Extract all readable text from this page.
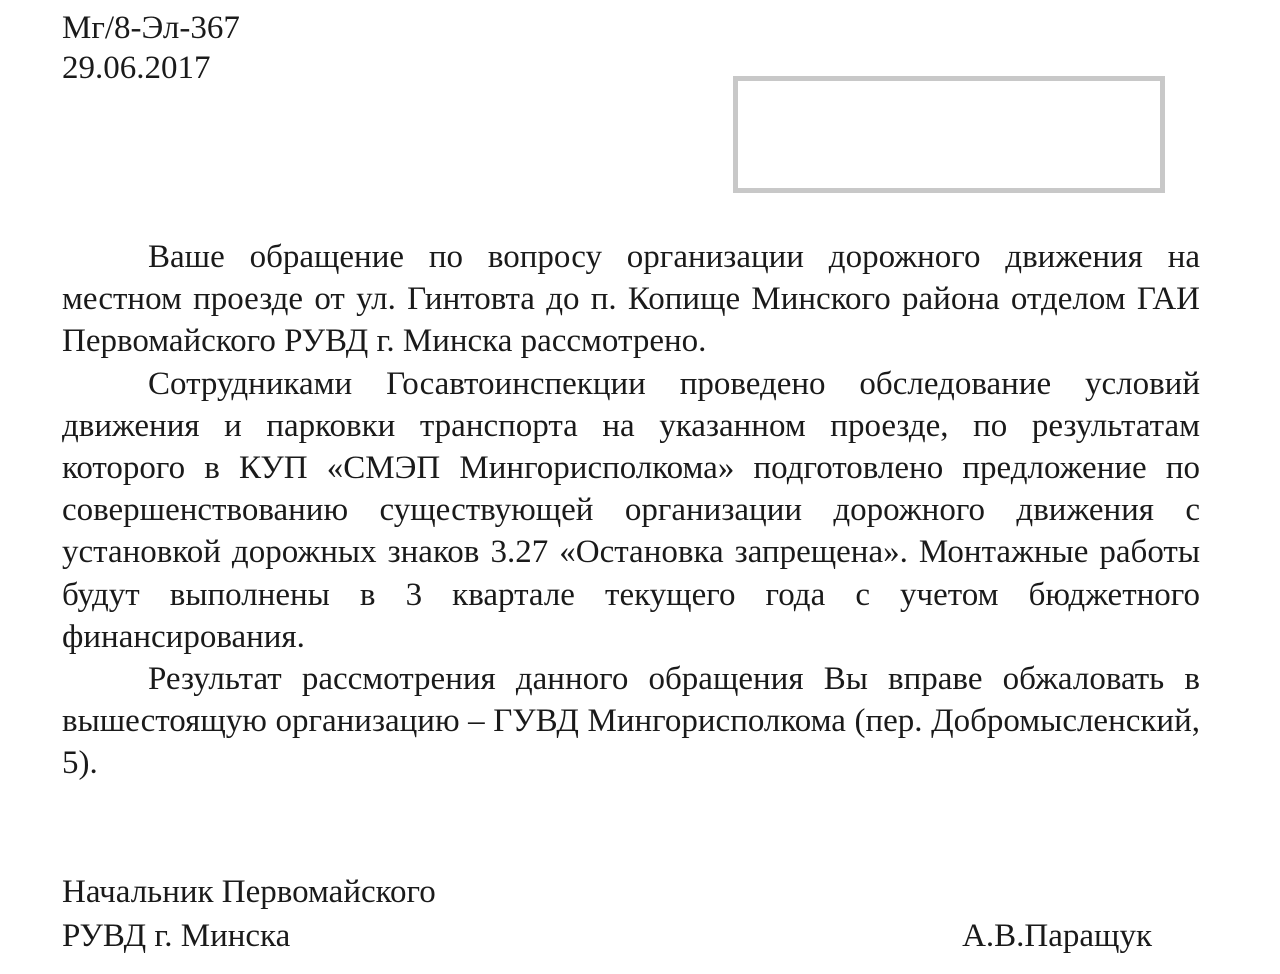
Мг/8-Эл-367
29.06.2017

Ваше обращение по вопросу организации дорожного движения на местном проезде от ул. Гинтовта до п. Копище Минского района отделом ГАИ Первомайского РУВД г. Минска рассмотрено.

Сотрудниками Госавтоинспекции проведено обследование условий движения и парковки транспорта на указанном проезде, по результатам которого в КУП «СМЭП Мингорисполкома» подготовлено предложение по совершенствованию существующей организации дорожного движения с установкой дорожных знаков 3.27 «Остановка запрещена». Монтажные работы будут выполнены в 3 квартале текущего года с учетом бюджетного финансирования.

Результат рассмотрения данного обращения Вы вправе обжаловать в вышестоящую организацию – ГУВД Мингорисполкома (пер. Добромысленский, 5).

Начальник Первомайского
РУВД г. Минска	А.В.Паращук
